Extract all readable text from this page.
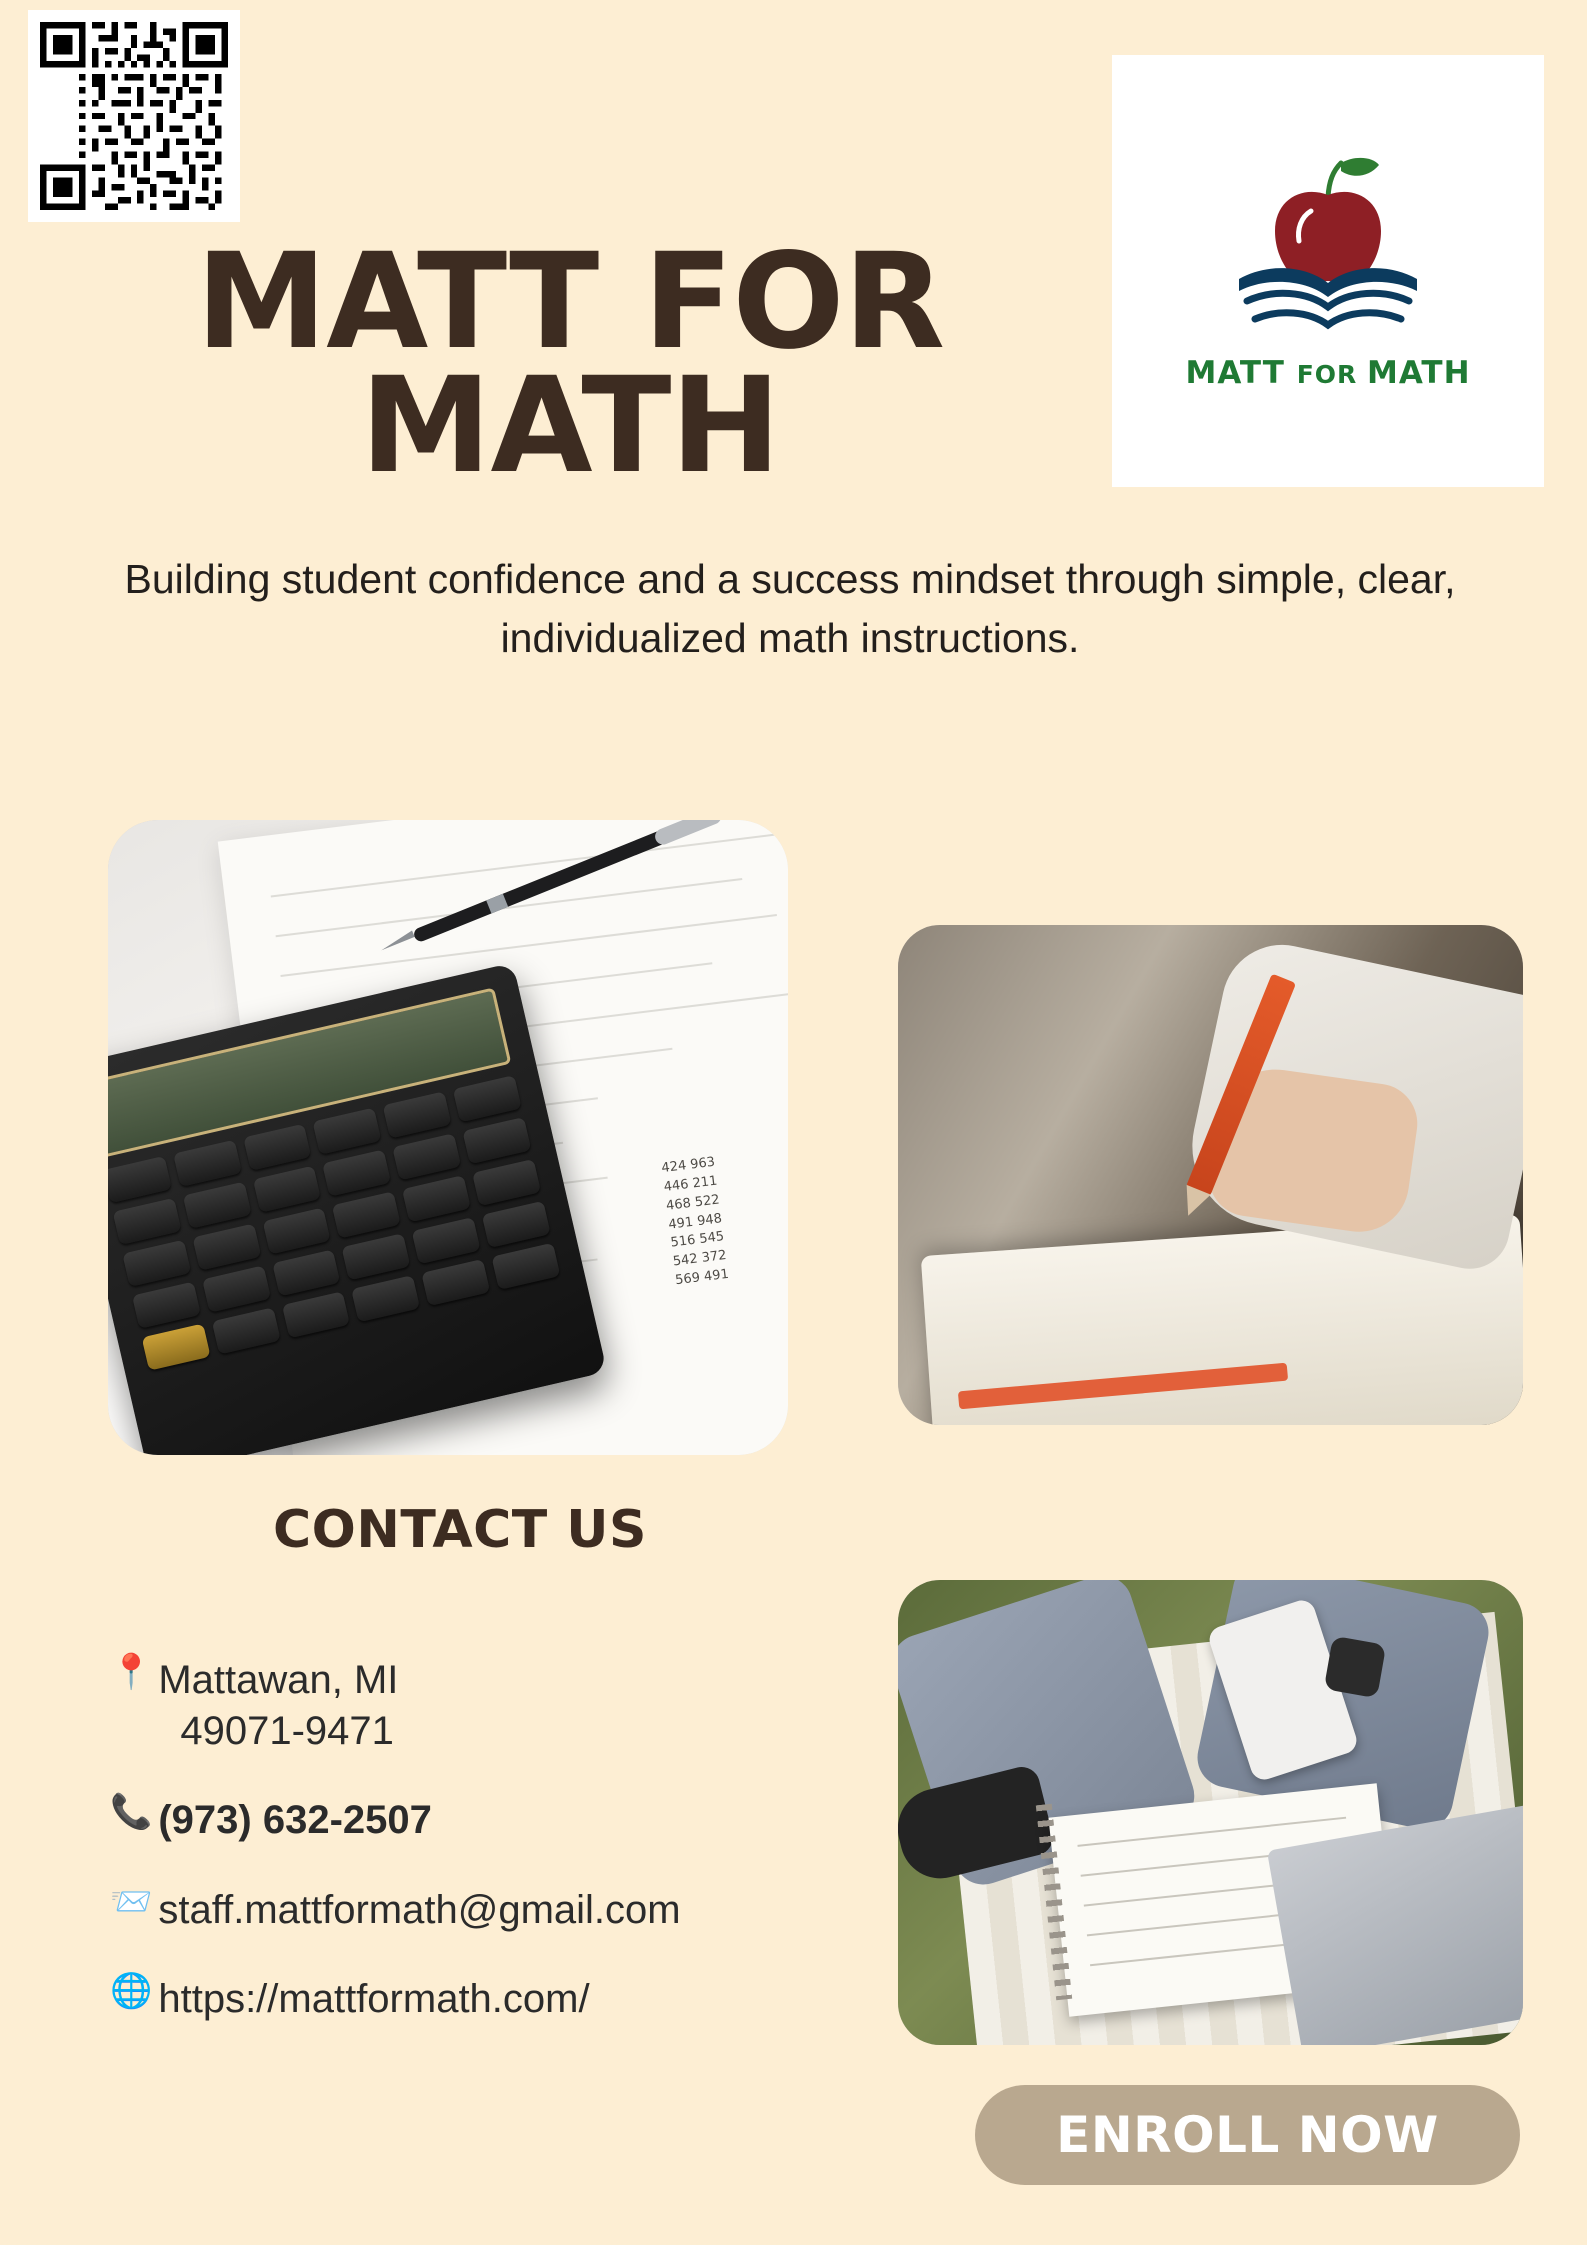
MATT FOR MATH
MATT FOR
MATH

Building student confidence and a success mindset through simple, clear, individualized math instructions.

424 963
446 211
468 522
491 948
516 545
542 372
569 491
CONTACT US
📍 Mattawan, MI
49071-9471
📞 (973) 632-2507
📨 staff.mattformath@gmail.com
🌐 https://mattformath.com/
ENROLL NOW
